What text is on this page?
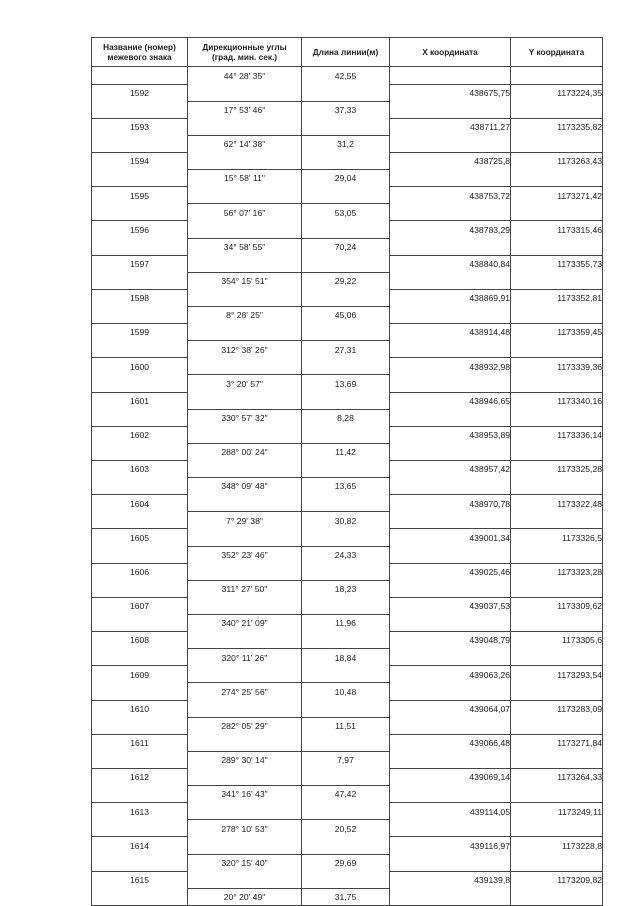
Название (номер)
межевого знака	Дирекционные углы
(град. мин. сек.)	Длина линии(м)	X координата	Y координата
	44° 28' 35"	42,55		
1592			438675,75	1173224,35
	17° 53' 46"	37,33		
1593			438711,27	1173235,82
	62° 14' 38"	31,2		
1594			438725,8	1173263,43
	15° 58' 11"	29,04		
1595			438753,72	1173271,42
	56° 07' 16"	53,05		
1596			438783,29	1173315,46
	34° 58' 55"	70,24		
1597			438840,84	1173355,73
	354° 15' 51"	29,22		
1598			438869,91	1173352,81
	8° 28' 25"	45,06		
1599			438914,48	1173359,45
	312° 38' 26"	27,31		
1600			438932,98	1173339,36
	3° 20' 57"	13,69		
1601			438946,65	1173340,16
	330° 57' 32"	8,28		
1602			438953,89	1173336,14
	288° 00' 24"	11,42		
1603			438957,42	1173325,28
	348° 09' 48"	13,65		
1604			438970,78	1173322,48
	7° 29' 38"	30,82		
1605			439001,34	1173326,5
	352° 23' 46"	24,33		
1606			439025,46	1173323,28
	311° 27' 50"	18,23		
1607			439037,53	1173309,62
	340° 21' 09"	11,96		
1608			439048,79	1173305,6
	320° 11' 26"	18,84		
1609			439063,26	1173293,54
	274° 25' 56"	10,48		
1610			439064,07	1173283,09
	282° 05' 29"	11,51		
1611			439066,48	1173271,84
	289° 30' 14"	7,97		
1612			439069,14	1173264,33
	341° 16' 43"	47,42		
1613			439114,05	1173249,11
	278° 10' 53"	20,52		
1614			439116,97	1173228,8
	320° 15' 40"	29,69		
1615			439139,8	1173209,82
	20° 20' 49"	31,75		
